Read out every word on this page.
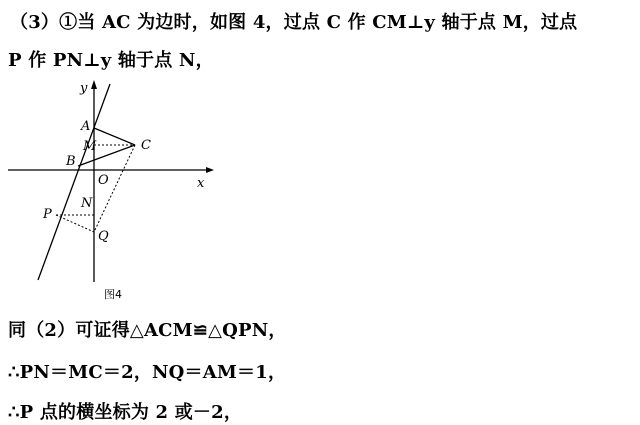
（3）①当 AC 为边时，如图 4，过点 C 作 CM⊥y 轴于点 M，过点
P 作 PN⊥y 轴于点 N，
y
x
O
A
M	C
B
N
P
Q
图4
同（2）可证得△ACM≌△QPN，
∴PN＝MC＝2，NQ＝AM＝1，
∴P 点的横坐标为 2 或－2，
